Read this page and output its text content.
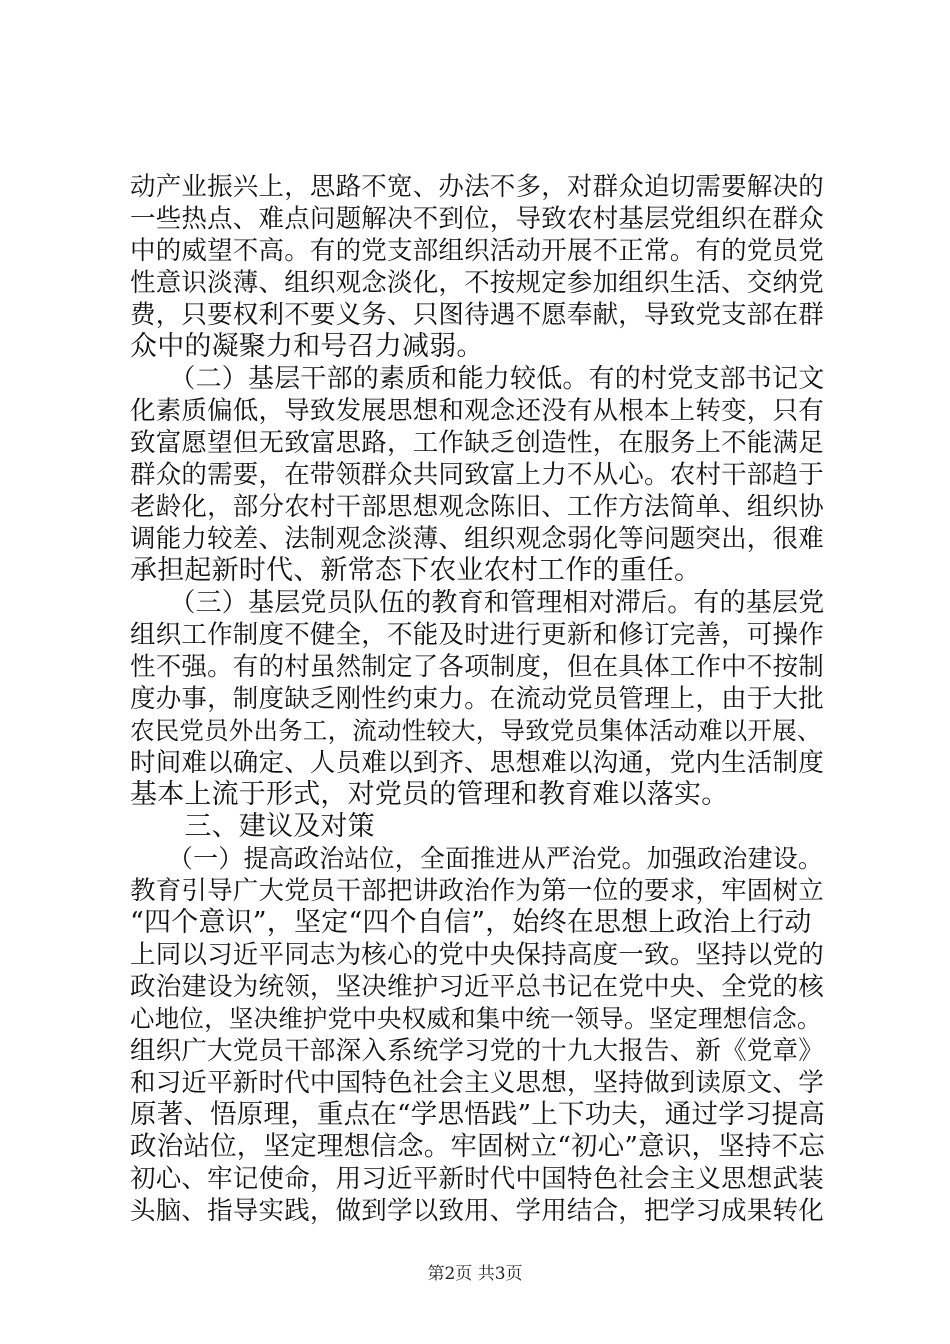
动产业振兴上，思路不宽、办法不多，对群众迫切需要解决的
一些热点、难点问题解决不到位，导致农村基层党组织在群众
中的威望不高。有的党支部组织活动开展不正常。有的党员党
性意识淡薄、组织观念淡化，不按规定参加组织生活、交纳党
费，只要权利不要义务、只图待遇不愿奉献，导致党支部在群
众中的凝聚力和号召力减弱。
　　（二）基层干部的素质和能力较低。有的村党支部书记文
化素质偏低，导致发展思想和观念还没有从根本上转变，只有
致富愿望但无致富思路，工作缺乏创造性，在服务上不能满足
群众的需要，在带领群众共同致富上力不从心。农村干部趋于
老龄化，部分农村干部思想观念陈旧、工作方法简单、组织协
调能力较差、法制观念淡薄、组织观念弱化等问题突出，很难
承担起新时代、新常态下农业农村工作的重任。
　　（三）基层党员队伍的教育和管理相对滞后。有的基层党
组织工作制度不健全，不能及时进行更新和修订完善，可操作
性不强。有的村虽然制定了各项制度，但在具体工作中不按制
度办事，制度缺乏刚性约束力。在流动党员管理上，由于大批
农民党员外出务工，流动性较大，导致党员集体活动难以开展、
时间难以确定、人员难以到齐、思想难以沟通，党内生活制度
基本上流于形式，对党员的管理和教育难以落实。
　　三、建议及对策
　　（一）提高政治站位，全面推进从严治党。加强政治建设。
教育引导广大党员干部把讲政治作为第一位的要求，牢固树立
“四个意识”，坚定“四个自信”，始终在思想上政治上行动
上同以习近平同志为核心的党中央保持高度一致。坚持以党的
政治建设为统领，坚决维护习近平总书记在党中央、全党的核
心地位，坚决维护党中央权威和集中统一领导。坚定理想信念。
组织广大党员干部深入系统学习党的十九大报告、新《党章》
和习近平新时代中国特色社会主义思想，坚持做到读原文、学
原著、悟原理，重点在“学思悟践”上下功夫，通过学习提高
政治站位，坚定理想信念。牢固树立“初心”意识，坚持不忘
初心、牢记使命，用习近平新时代中国特色社会主义思想武装
头脑、指导实践，做到学以致用、学用结合，把学习成果转化
第2页 共3页
